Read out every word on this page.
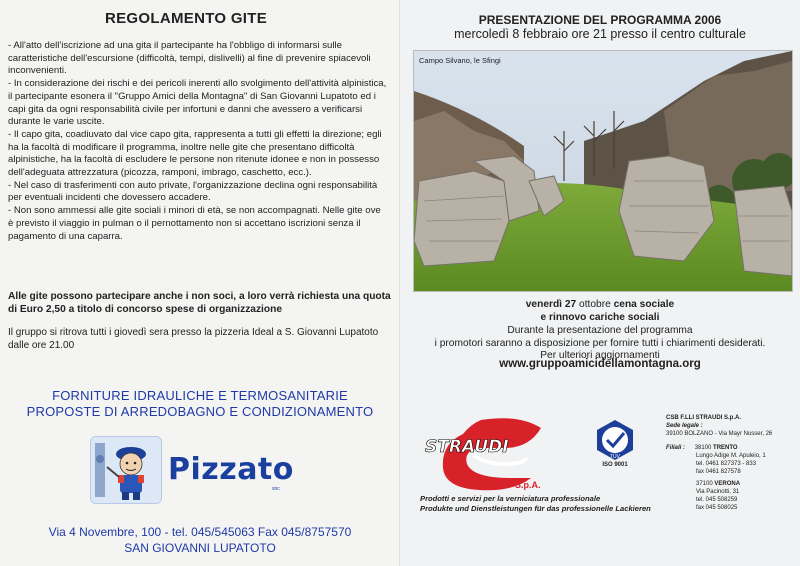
REGOLAMENTO GITE

- All'atto dell'iscrizione ad una gita il partecipante ha l'obbligo di informarsi sulle caratteristiche dell'escursione (difficoltà, tempi, dislivelli) al fine di prevenire spiacevoli inconvenienti.

- In considerazione dei rischi e dei pericoli inerenti allo svolgimento dell'attività alpinistica, il partecipante esonera il "Gruppo Amici della Montagna" di San Giovanni Lupatoto ed i capi gita da ogni responsabilità civile per infortuni e danni che avessero a verificarsi durante le varie uscite.

- Il capo gita, coadiuvato dal vice capo gita, rappresenta a tutti gli effetti la direzione; egli ha la facoltà di modificare il programma, inoltre nelle gite che presentano difficoltà alpinistiche, ha la facoltà di escludere le persone non ritenute idonee e non in possesso dell'adeguata attrezzatura (picozza, ramponi, imbrago, caschetto, ecc.).

- Nel caso di trasferimenti con auto private, l'organizzazione declina ogni responsabilità per eventuali incidenti che dovessero accadere.

- Non sono ammessi alle gite sociali i minori di età, se non accompagnati. Nelle gite ove è previsto il viaggio in pulman o il pernottamento non si accettano iscrizioni senza il pagamento di una caparra.

Alle gite possono partecipare anche i non soci, a loro verrà richiesta una quota di Euro 2,50 a titolo di concorso spese di organizzazione
Il gruppo si ritrova tutti i giovedì sera presso la pizzeria Ideal a S. Giovanni Lupatoto dalle ore 21.00
FORNITURE IDRAULICHE E TERMOSANITARIE
PROPOSTE DI ARREDOBAGNO E CONDIZIONAMENTO
Pizzato
snc
Via 4 Novembre, 100 - tel. 045/545063 Fax 045/8757570
SAN GIOVANNI LUPATOTO
PRESENTAZIONE DEL PROGRAMMA 2006
mercoledì 8 febbraio ore 21 presso il centro culturale
Campo Silvano, le Sfingi
venerdì 27 ottobre cena sociale
e rinnovo cariche sociali
Durante la presentazione del programma
i promotori saranno a disposizione per fornire tutti i chiarimenti desiderati.
Per ulteriori aggiornamenti
www.gruppoamicidellamontagna.org
STRAUDI
S.p.A.
Prodotti e servizi per la verniciatura professionale
Produkte und Dienstleistungen für das professionelle Lackieren
TÜV
ISO 9001

CSB F.LLI STRAUDI S.p.A.

Sede legale :

39100 BOLZANO - Via Mayr Nusser, 26

Filiali : 38100 TRENTO

Lungo Adige M. Apuleio, 1

tel. 0461 827373 - 833

fax 0461 827578

37100 VERONA

Via Pacinotti, 31

tel. 045 508259

fax 045 508025
